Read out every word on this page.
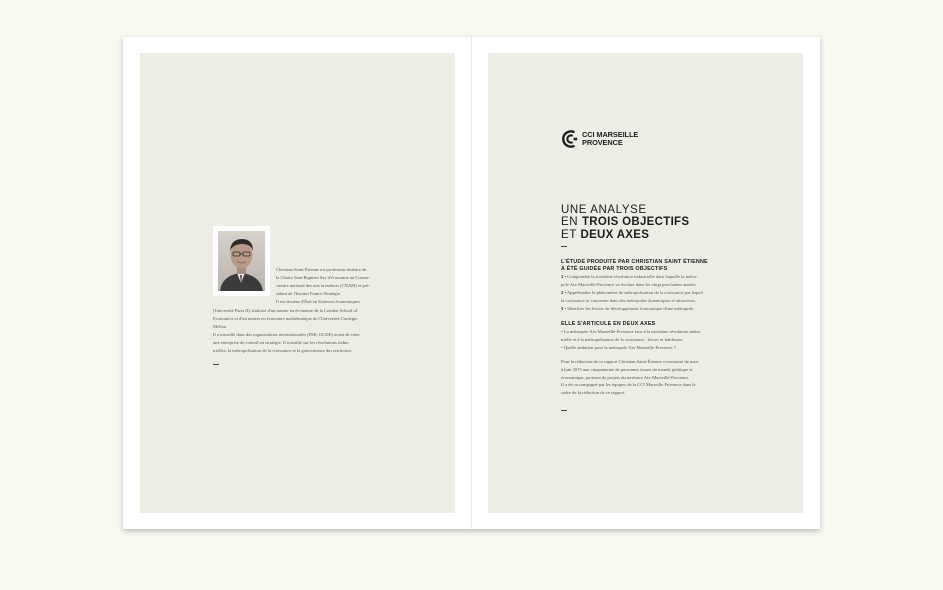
Christian Saint-Étienne est professeur titulaire de
la Chaire Jean-Baptiste Say d'économie au Conser-
vatoire national des arts et métiers (CNAM) et pré-
sident de l'Institut France Stratégie.
Il est docteur d'État en Sciences économiques
(Université Paris II), titulaire d'un master en économie de la London School of
Economics et d'un master en économie mathématique de l'Université Carnegie
Mellon.
Il a travaillé dans des organisations internationales (FMI, OCDE) avant de créer
une entreprise de conseil en stratégie. Il travaille sur les révolutions indus-
trielles, la métropolisation de la croissance et la gouvernance des territoires.
CCI MARSEILLE
PROVENCE
UNE ANALYSE
EN TROIS OBJECTIFS
ET DEUX AXES
L'ÉTUDE PRODUITE PAR CHRISTIAN SAINT ÉTIENNE
A ÉTÉ GUIDÉE PAR TROIS OBJECTIFS
1 • Comprendre la troisième révolution industrielle dans laquelle la métro-
pole Aix-Marseille-Provence va évoluer dans les vingt prochaines années.
2 • Appréhender le phénomène de métropolisation de la croissance par lequel
la croissance se concentre dans des métropoles dynamiques et attractives.
3 • Identifier les leviers de développement économique d'une métropole.
ELLE S'ARTICULE EN DEUX AXES
• La métropole Aix-Marseille-Provence face à la troisième révolution indus-
trielle et à la métropolisation de la croissance : forces et faiblesses.
• Quelle ambition pour la métropole Aix-Marseille-Provence ?
Pour la rédaction de ce rapport Christian Saint-Étienne a rencontré de mars
à juin 2015 une cinquantaine de personnes issues du monde politique et
économique, porteurs de projets du territoire Aix-Marseille-Provence.
Il a été accompagné par les équipes de la CCI Marseille Provence dans le
cadre de la rédaction de ce rapport.
